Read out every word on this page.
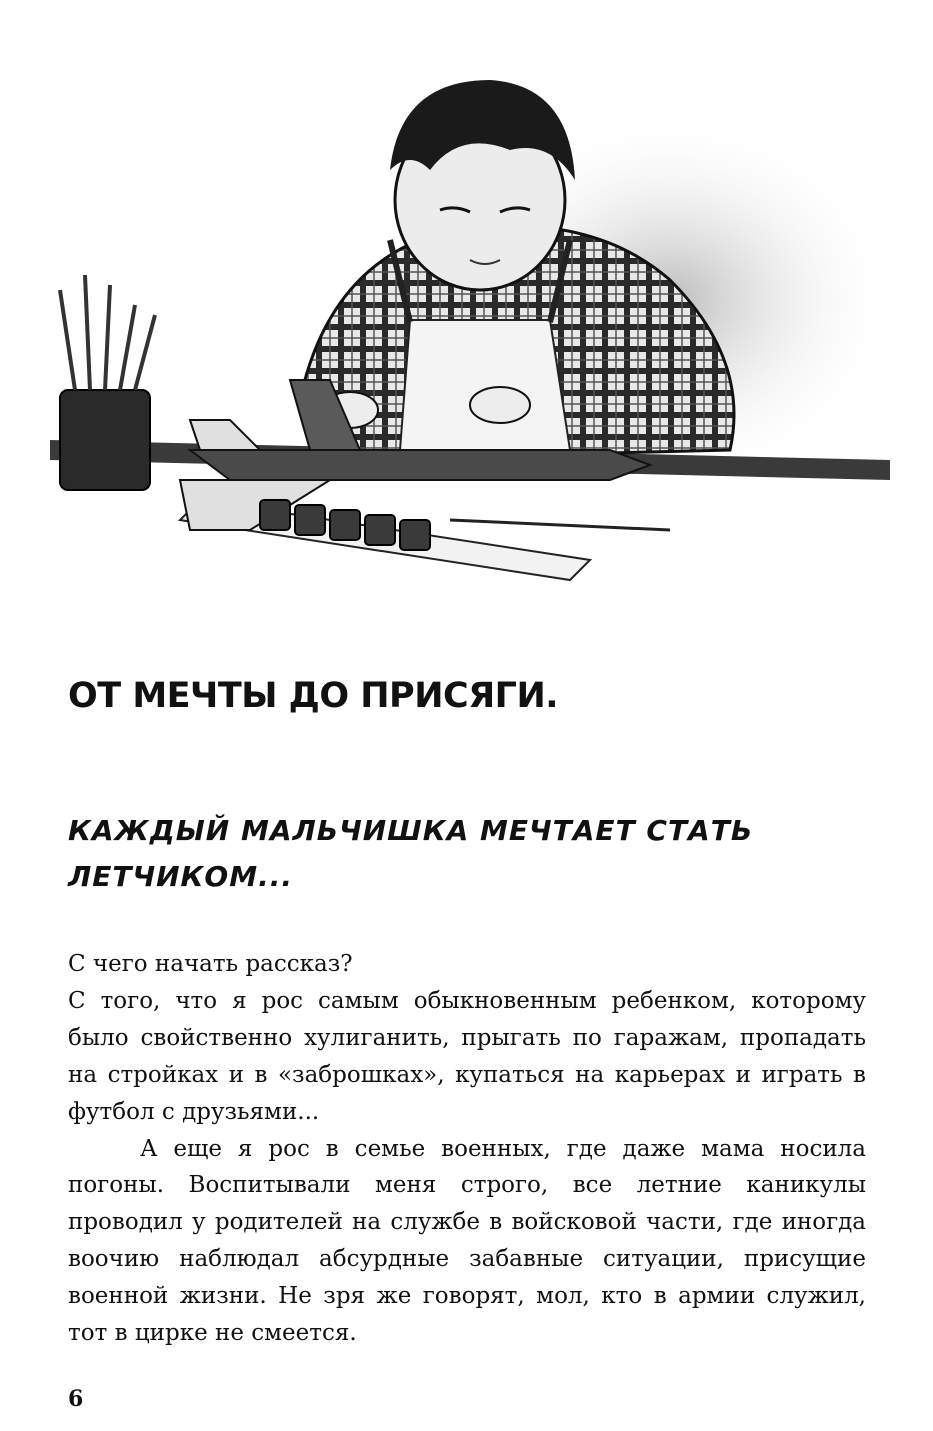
ОТ МЕЧТЫ ДО ПРИСЯГИ.
КАЖДЫЙ МАЛЬЧИШКА МЕЧТАЕТ СТАТЬ ЛЕТЧИКОМ...

С чего начать рассказ?

С того, что я рос самым обыкновенным ребенком, которому было свойственно хулиганить, прыгать по гаражам, пропадать на стройках и в «заброшках», купаться на карьерах и играть в футбол с друзьями...

А еще я рос в семье военных, где даже мама носила погоны. Воспитывали меня строго, все летние каникулы проводил у родителей на службе в войсковой части, где иногда воочию наблюдал абсурдные забавные ситуации, присущие военной жизни. Не зря же говорят, мол, кто в армии служил, тот в цирке не смеется.

6
